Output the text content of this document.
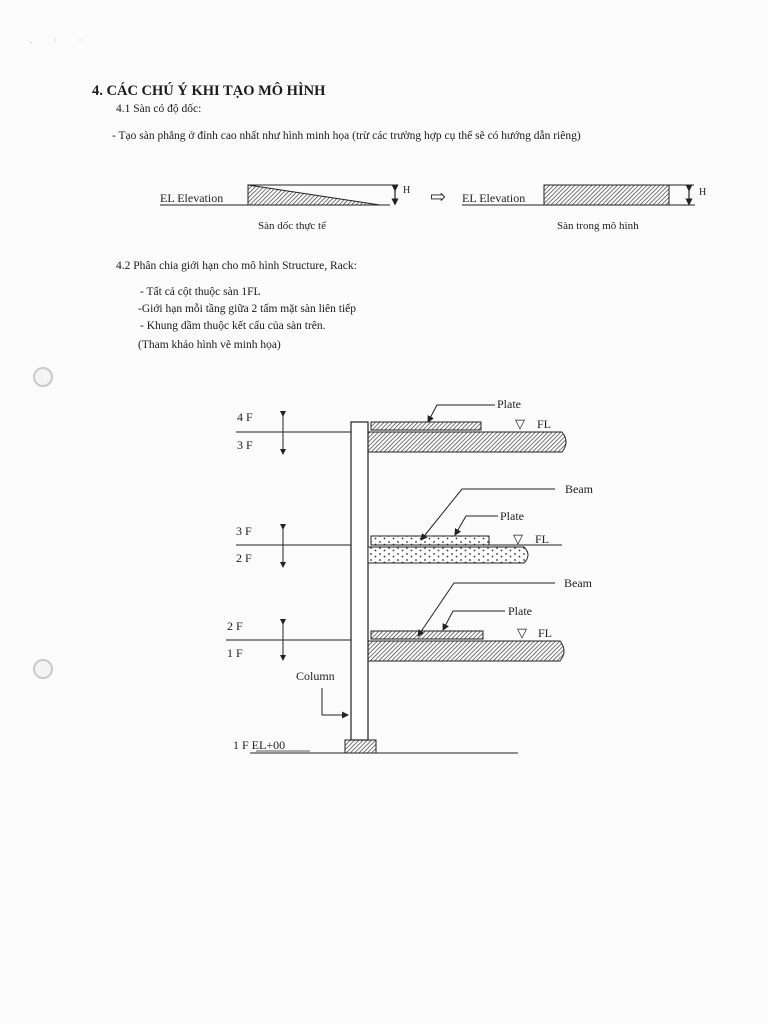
. · ·
4. CÁC CHÚ Ý KHI TẠO MÔ HÌNH
4.1 Sàn có độ dốc:
- Tạo sàn phẳng ở đỉnh cao nhất như hình minh họa (trừ các trường hợp cụ thể sẽ có hướng dẫn riêng)
EL Elevation
H
Sàn dốc thực tế
⇨ EL Elevation	H
Sàn trong mô hình
4.2 Phân chia giới hạn cho mô hình Structure, Rack:
- Tất cả cột thuộc sàn 1FL
-Giới hạn mỗi tầng giữa 2 tấm mặt sàn liên tiếp
- Khung dầm thuộc kết cấu của sàn trên.
(Tham khảo hình vẽ minh họa)
4 F
3 F
Plate
▽ FL
3 F
2 F
Beam
Plate
▽ FL
2 F
1 F
Beam
Plate
▽ FL
Column
1 F EL+00
